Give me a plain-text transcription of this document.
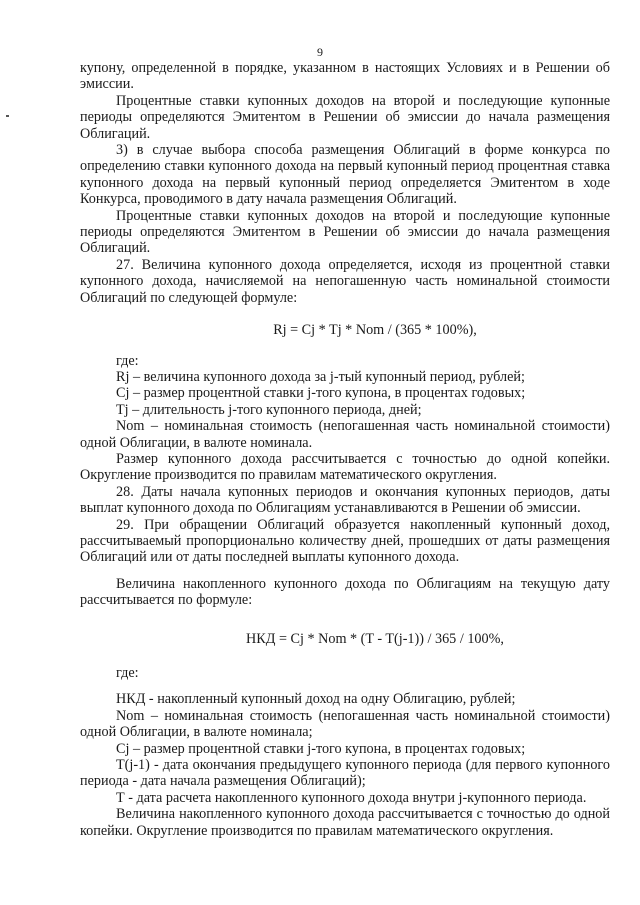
9

купону, определенной в порядке, указанном в настоящих Условиях и в Решении об эмиссии.

Процентные ставки купонных доходов на второй и последующие купонные периоды определяются Эмитентом в Решении об эмиссии до начала размещения Облигаций.

3) в случае выбора способа размещения Облигаций в форме конкурса по определению ставки купонного дохода на первый купонный период процентная ставка купонного дохода на первый купонный период определяется Эмитентом в ходе Конкурса, проводимого в дату начала размещения Облигаций.

Процентные ставки купонных доходов на второй и последующие купонные периоды определяются Эмитентом в Решении об эмиссии до начала размещения Облигаций.

27. Величина купонного дохода определяется, исходя из процентной ставки купонного дохода, начисляемой на непогашенную часть номинальной стоимости Облигаций по следующей формуле:

Rj = Cj * Tj * Nom / (365 * 100%),

где:

Rj – величина купонного дохода за j-тый купонный период, рублей;

Cj – размер процентной ставки j-того купона, в процентах годовых;

Tj – длительность j-того купонного периода, дней;

Nom – номинальная стоимость (непогашенная часть номинальной стоимости) одной Облигации, в валюте номинала.

Размер купонного дохода рассчитывается с точностью до одной копейки. Округление производится по правилам математического округления.

28. Даты начала купонных периодов и окончания купонных периодов, даты выплат купонного дохода по Облигациям устанавливаются в Решении об эмиссии.

29. При обращении Облигаций образуется накопленный купонный доход, рассчитываемый пропорционально количеству дней, прошедших от даты размещения Облигаций или от даты последней выплаты купонного дохода.

Величина накопленного купонного дохода по Облигациям на текущую дату рассчитывается по формуле:

НКД = Cj * Nom * (T - T(j-1)) / 365 / 100%,

где:

НКД - накопленный купонный доход на одну Облигацию, рублей;

Nom – номинальная стоимость (непогашенная часть номинальной стоимости) одной Облигации, в валюте номинала;

Cj – размер процентной ставки j-того купона, в процентах годовых;

T(j-1) - дата окончания предыдущего купонного периода (для первого купонного периода - дата начала размещения Облигаций);

Т - дата расчета накопленного купонного дохода внутри j-купонного периода.

Величина накопленного купонного дохода рассчитывается с точностью до одной копейки. Округление производится по правилам математического округления.
